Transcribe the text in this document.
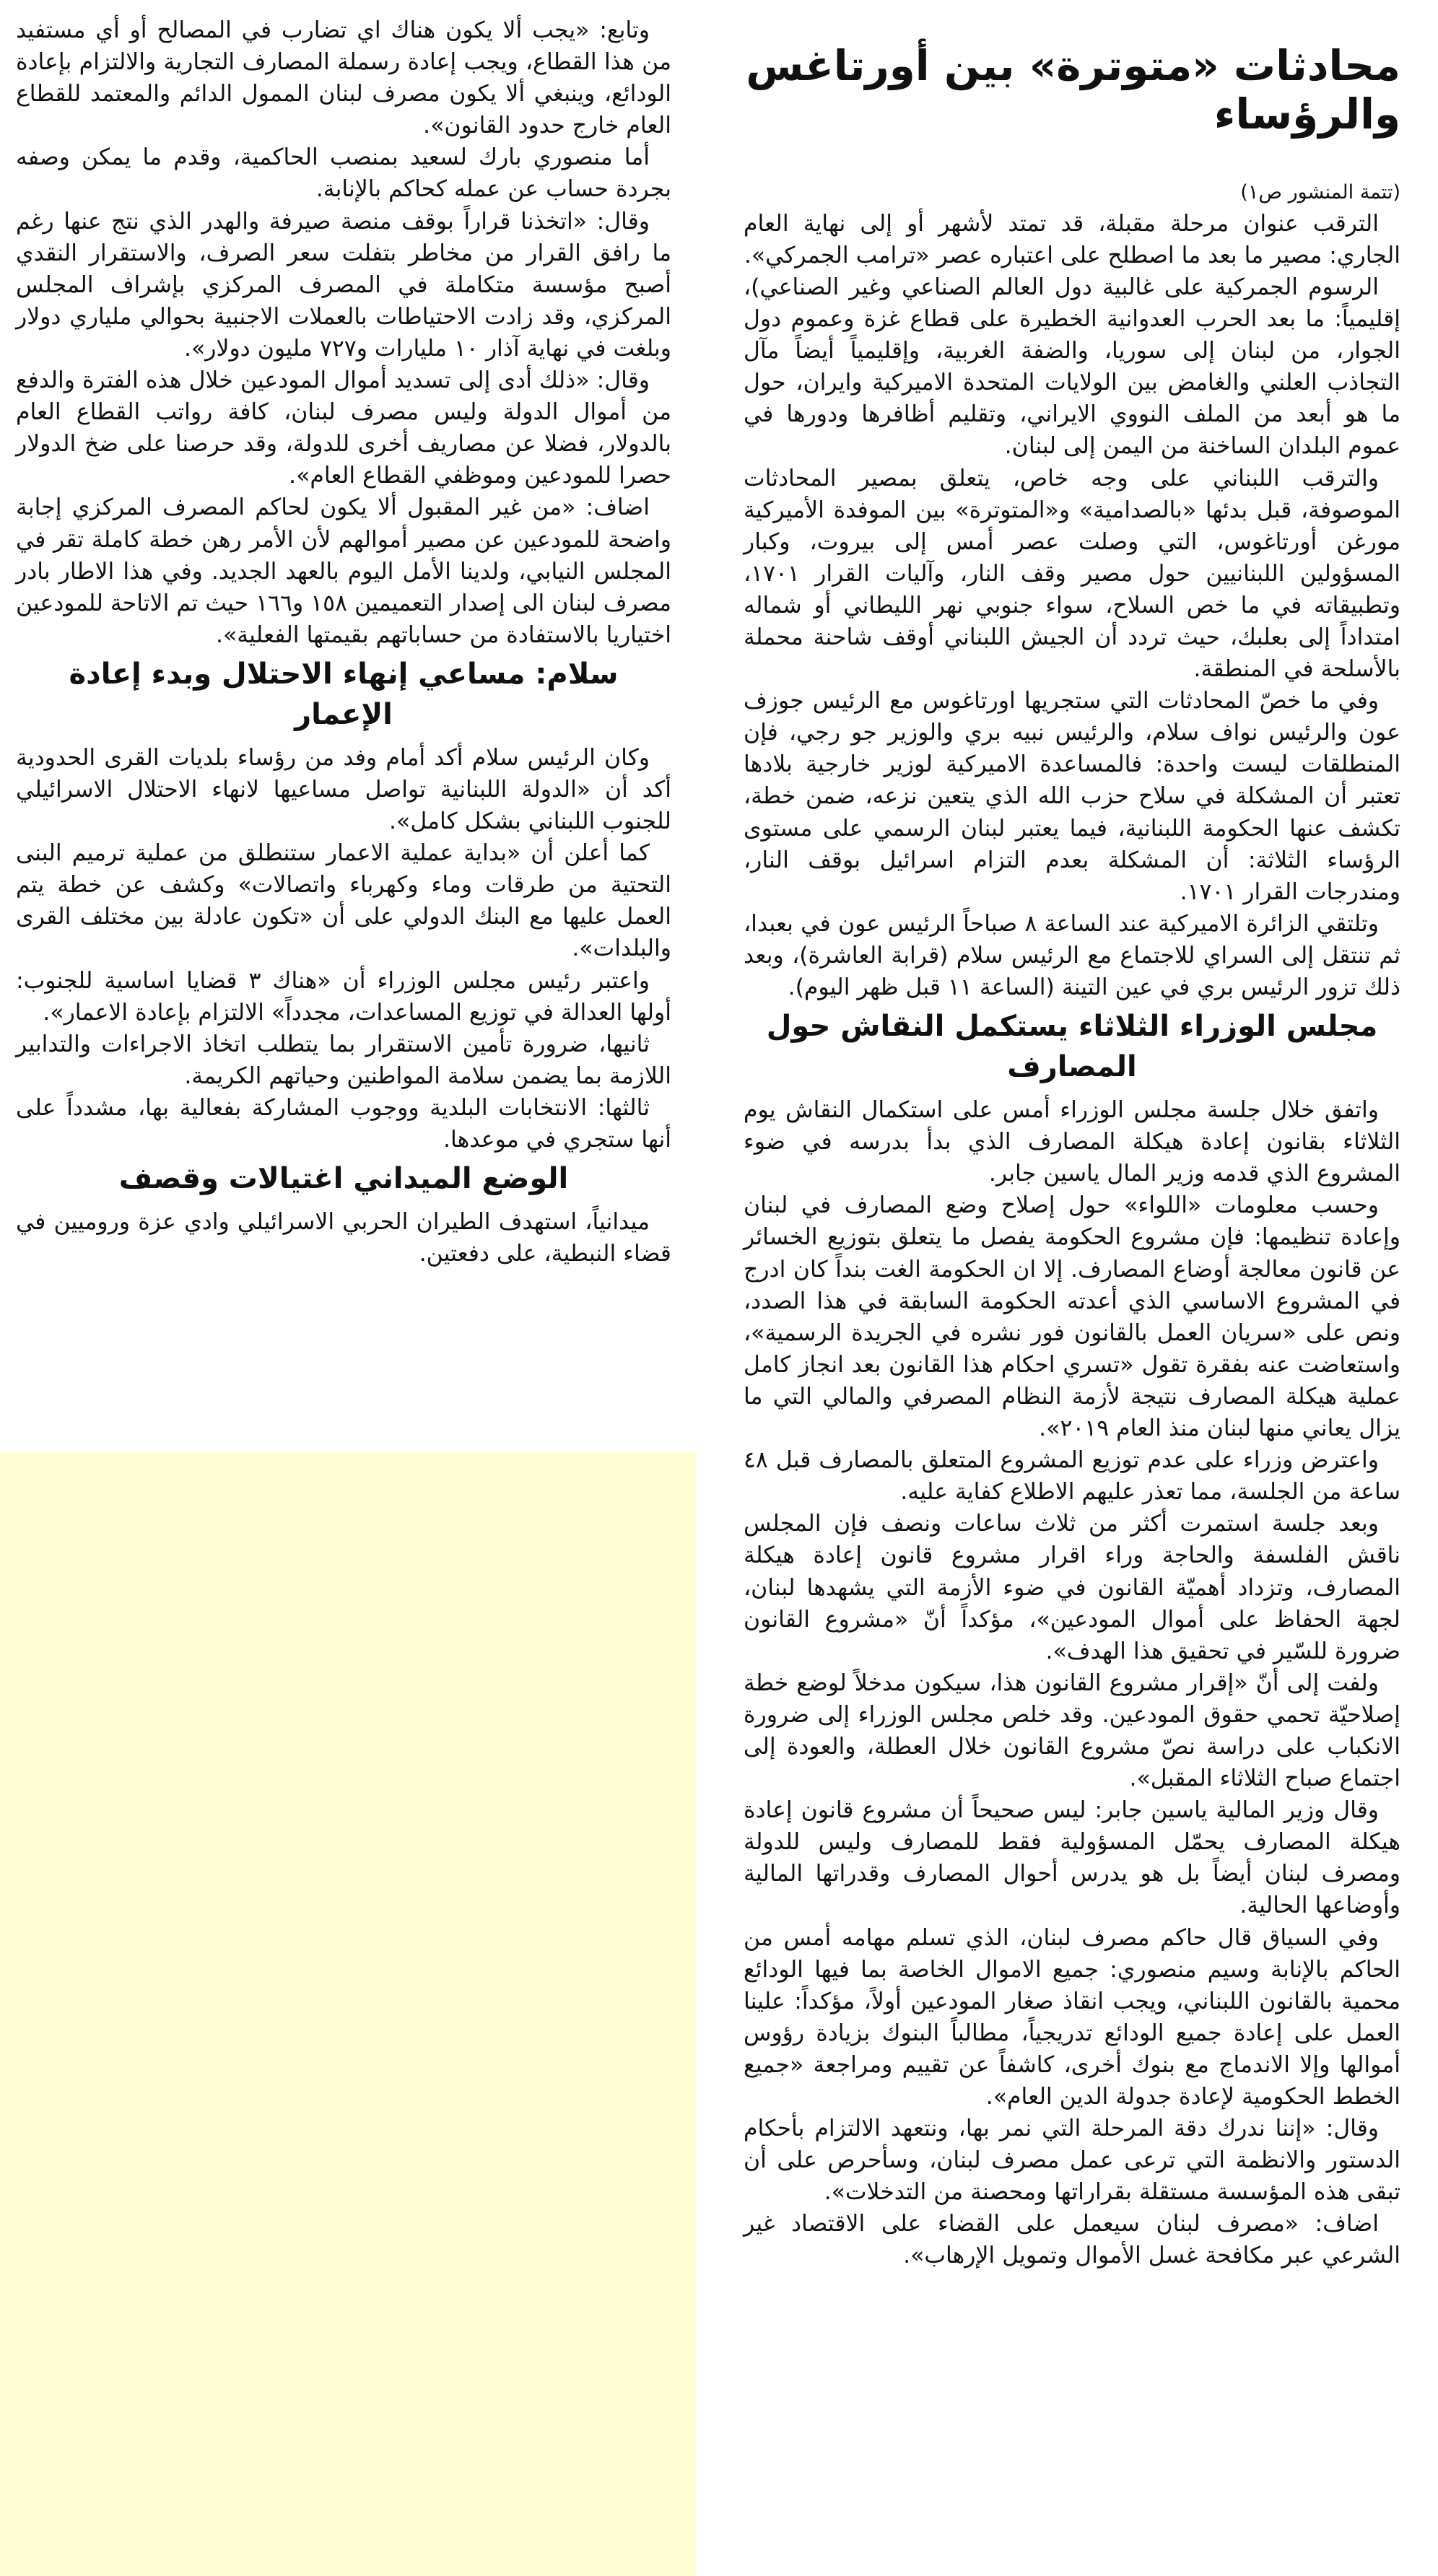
محادثات «متوترة» بين أورتاغس والرؤساء
(تتمة المنشور ص١)

الترقب عنوان مرحلة مقبلة، قد تمتد لأشهر أو إلى نهاية العام الجاري: مصير ما بعد ما اصطلح على اعتباره عصر «ترامب الجمركي».

الرسوم الجمركية على غالبية دول العالم الصناعي وغير الصناعي)، إقليمياً: ما بعد الحرب العدوانية الخطيرة على قطاع غزة وعموم دول الجوار، من لبنان إلى سوريا، والضفة الغربية، وإقليمياً أيضاً مآل التجاذب العلني والغامض بين الولايات المتحدة الاميركية وايران، حول ما هو أبعد من الملف النووي الايراني، وتقليم أظافرها ودورها في عموم البلدان الساخنة من اليمن إلى لبنان.

والترقب اللبناني على وجه خاص، يتعلق بمصير المحادثات الموصوفة، قبل بدئها «بالصدامية» و«المتوترة» بين الموفدة الأميركية مورغن أورتاغوس، التي وصلت عصر أمس إلى بيروت، وكبار المسؤولين اللبنانيين حول مصير وقف النار، وآليات القرار ١٧٠١، وتطبيقاته في ما خص السلاح، سواء جنوبي نهر الليطاني أو شماله امتداداً إلى بعلبك، حيث تردد أن الجيش اللبناني أوقف شاحنة محملة بالأسلحة في المنطقة.

وفي ما خصّ المحادثات التي ستجريها اورتاغوس مع الرئيس جوزف عون والرئيس نواف سلام، والرئيس نبيه بري والوزير جو رجي، فإن المنطلقات ليست واحدة: فالمساعدة الاميركية لوزير خارجية بلادها تعتبر أن المشكلة في سلاح حزب الله الذي يتعين نزعه، ضمن خطة، تكشف عنها الحكومة اللبنانية، فيما يعتبر لبنان الرسمي على مستوى الرؤساء الثلاثة: أن المشكلة بعدم التزام اسرائيل بوقف النار، ومندرجات القرار ١٧٠١.

وتلتقي الزائرة الاميركية عند الساعة ٨ صباحاً الرئيس عون في بعبدا، ثم تنتقل إلى السراي للاجتماع مع الرئيس سلام (قرابة العاشرة)، وبعد ذلك تزور الرئيس بري في عين التينة (الساعة ١١ قبل ظهر اليوم).

مجلس الوزراء الثلاثاء يستكمل النقاش حول المصارف

واتفق خلال جلسة مجلس الوزراء أمس على استكمال النقاش يوم الثلاثاء بقانون إعادة هيكلة المصارف الذي بدأ بدرسه في ضوء المشروع الذي قدمه وزير المال ياسين جابر.

وحسب معلومات «اللواء» حول إصلاح وضع المصارف في لبنان وإعادة تنظيمها: فإن مشروع الحكومة يفصل ما يتعلق بتوزيع الخسائر عن قانون معالجة أوضاع المصارف. إلا ان الحكومة الغت بنداً كان ادرج في المشروع الاساسي الذي أعدته الحكومة السابقة في هذا الصدد، ونص على «سريان العمل بالقانون فور نشره في الجريدة الرسمية»، واستعاضت عنه بفقرة تقول «تسري احكام هذا القانون بعد انجاز كامل عملية هيكلة المصارف نتيجة لأزمة النظام المصرفي والمالي التي ما يزال يعاني منها لبنان منذ العام ٢٠١٩».

واعترض وزراء على عدم توزيع المشروع المتعلق بالمصارف قبل ٤٨ ساعة من الجلسة، مما تعذر عليهم الاطلاع كفاية عليه.

وبعد جلسة استمرت أكثر من ثلاث ساعات ونصف فإن المجلس ناقش الفلسفة والحاجة وراء اقرار مشروع قانون إعادة هيكلة المصارف، وتزداد أهميّة القانون في ضوء الأزمة التي يشهدها لبنان، لجهة الحفاظ على أموال المودعين»، مؤكداً أنّ «مشروع القانون ضرورة للسّير في تحقيق هذا الهدف».

ولفت إلى أنّ «إقرار مشروع القانون هذا، سيكون مدخلاً لوضع خطة إصلاحيّة تحمي حقوق المودعين. وقد خلص مجلس الوزراء إلى ضرورة الانكباب على دراسة نصّ مشروع القانون خلال العطلة، والعودة إلى اجتماع صباح الثلاثاء المقبل».

وقال وزير المالية ياسين جابر: ليس صحيحاً أن مشروع قانون إعادة هيكلة المصارف يحمّل المسؤولية فقط للمصارف وليس للدولة ومصرف لبنان أيضاً بل هو يدرس أحوال المصارف وقدراتها المالية وأوضاعها الحالية.

وفي السياق قال حاكم مصرف لبنان، الذي تسلم مهامه أمس من الحاكم بالإنابة وسيم منصوري: جميع الاموال الخاصة بما فيها الودائع محمية بالقانون اللبناني، ويجب انقاذ صغار المودعين أولاً، مؤكداً: علينا العمل على إعادة جميع الودائع تدريجياً، مطالباً البنوك بزيادة رؤوس أموالها وإلا الاندماج مع بنوك أخرى، كاشفاً عن تقييم ومراجعة «جميع الخطط الحكومية لإعادة جدولة الدين العام».

وقال: «إننا ندرك دقة المرحلة التي نمر بها، ونتعهد الالتزام بأحكام الدستور والانظمة التي ترعى عمل مصرف لبنان، وسأحرص على أن تبقى هذه المؤسسة مستقلة بقراراتها ومحصنة من التدخلات».

اضاف: «مصرف لبنان سيعمل على القضاء على الاقتصاد غير الشرعي عبر مكافحة غسل الأموال وتمويل الإرهاب».

وتابع: «يجب ألا يكون هناك اي تضارب في المصالح أو أي مستفيد من هذا القطاع، ويجب إعادة رسملة المصارف التجارية والالتزام بإعادة الودائع، وينبغي ألا يكون مصرف لبنان الممول الدائم والمعتمد للقطاع العام خارج حدود القانون».

أما منصوري بارك لسعيد بمنصب الحاكمية، وقدم ما يمكن وصفه بجردة حساب عن عمله كحاكم بالإنابة.

وقال: «اتخذنا قراراً بوقف منصة صيرفة والهدر الذي نتج عنها رغم ما رافق القرار من مخاطر بتفلت سعر الصرف، والاستقرار النقدي أصبح مؤسسة متكاملة في المصرف المركزي بإشراف المجلس المركزي، وقد زادت الاحتياطات بالعملات الاجنبية بحوالي ملياري دولار وبلغت في نهاية آذار ١٠ مليارات و٧٢٧ مليون دولار».

وقال: «ذلك أدى إلى تسديد أموال المودعين خلال هذه الفترة والدفع من أموال الدولة وليس مصرف لبنان، كافة رواتب القطاع العام بالدولار، فضلا عن مصاريف أخرى للدولة، وقد حرصنا على ضخ الدولار حصرا للمودعين وموظفي القطاع العام».

اضاف: «من غير المقبول ألا يكون لحاكم المصرف المركزي إجابة واضحة للمودعين عن مصير أموالهم لأن الأمر رهن خطة كاملة تقر في المجلس النيابي، ولدينا الأمل اليوم بالعهد الجديد. وفي هذا الاطار بادر مصرف لبنان الى إصدار التعميمين ١٥٨ و١٦٦ حيث تم الاتاحة للمودعين اختياريا بالاستفادة من حساباتهم بقيمتها الفعلية».

سلام: مساعي إنهاء الاحتلال وبدء إعادة الإعمار

وكان الرئيس سلام أكد أمام وفد من رؤساء بلديات القرى الحدودية أكد أن «الدولة اللبنانية تواصل مساعيها لانهاء الاحتلال الاسرائيلي للجنوب اللبناني بشكل كامل».

كما أعلن أن «بداية عملية الاعمار ستنطلق من عملية ترميم البنى التحتية من طرقات وماء وكهرباء واتصالات» وكشف عن خطة يتم العمل عليها مع البنك الدولي على أن «تكون عادلة بين مختلف القرى والبلدات».

واعتبر رئيس مجلس الوزراء أن «هناك ٣ قضايا اساسية للجنوب: أولها العدالة في توزيع المساعدات، مجدداً» الالتزام بإعادة الاعمار».

ثانيها، ضرورة تأمين الاستقرار بما يتطلب اتخاذ الاجراءات والتدابير اللازمة بما يضمن سلامة المواطنين وحياتهم الكريمة.

ثالثها: الانتخابات البلدية ووجوب المشاركة بفعالية بها، مشدداً على أنها ستجري في موعدها.

الوضع الميداني اغتيالات وقصف

ميدانياً، استهدف الطيران الحربي الاسرائيلي وادي عزة وروميين في قضاء النبطية، على دفعتين.
